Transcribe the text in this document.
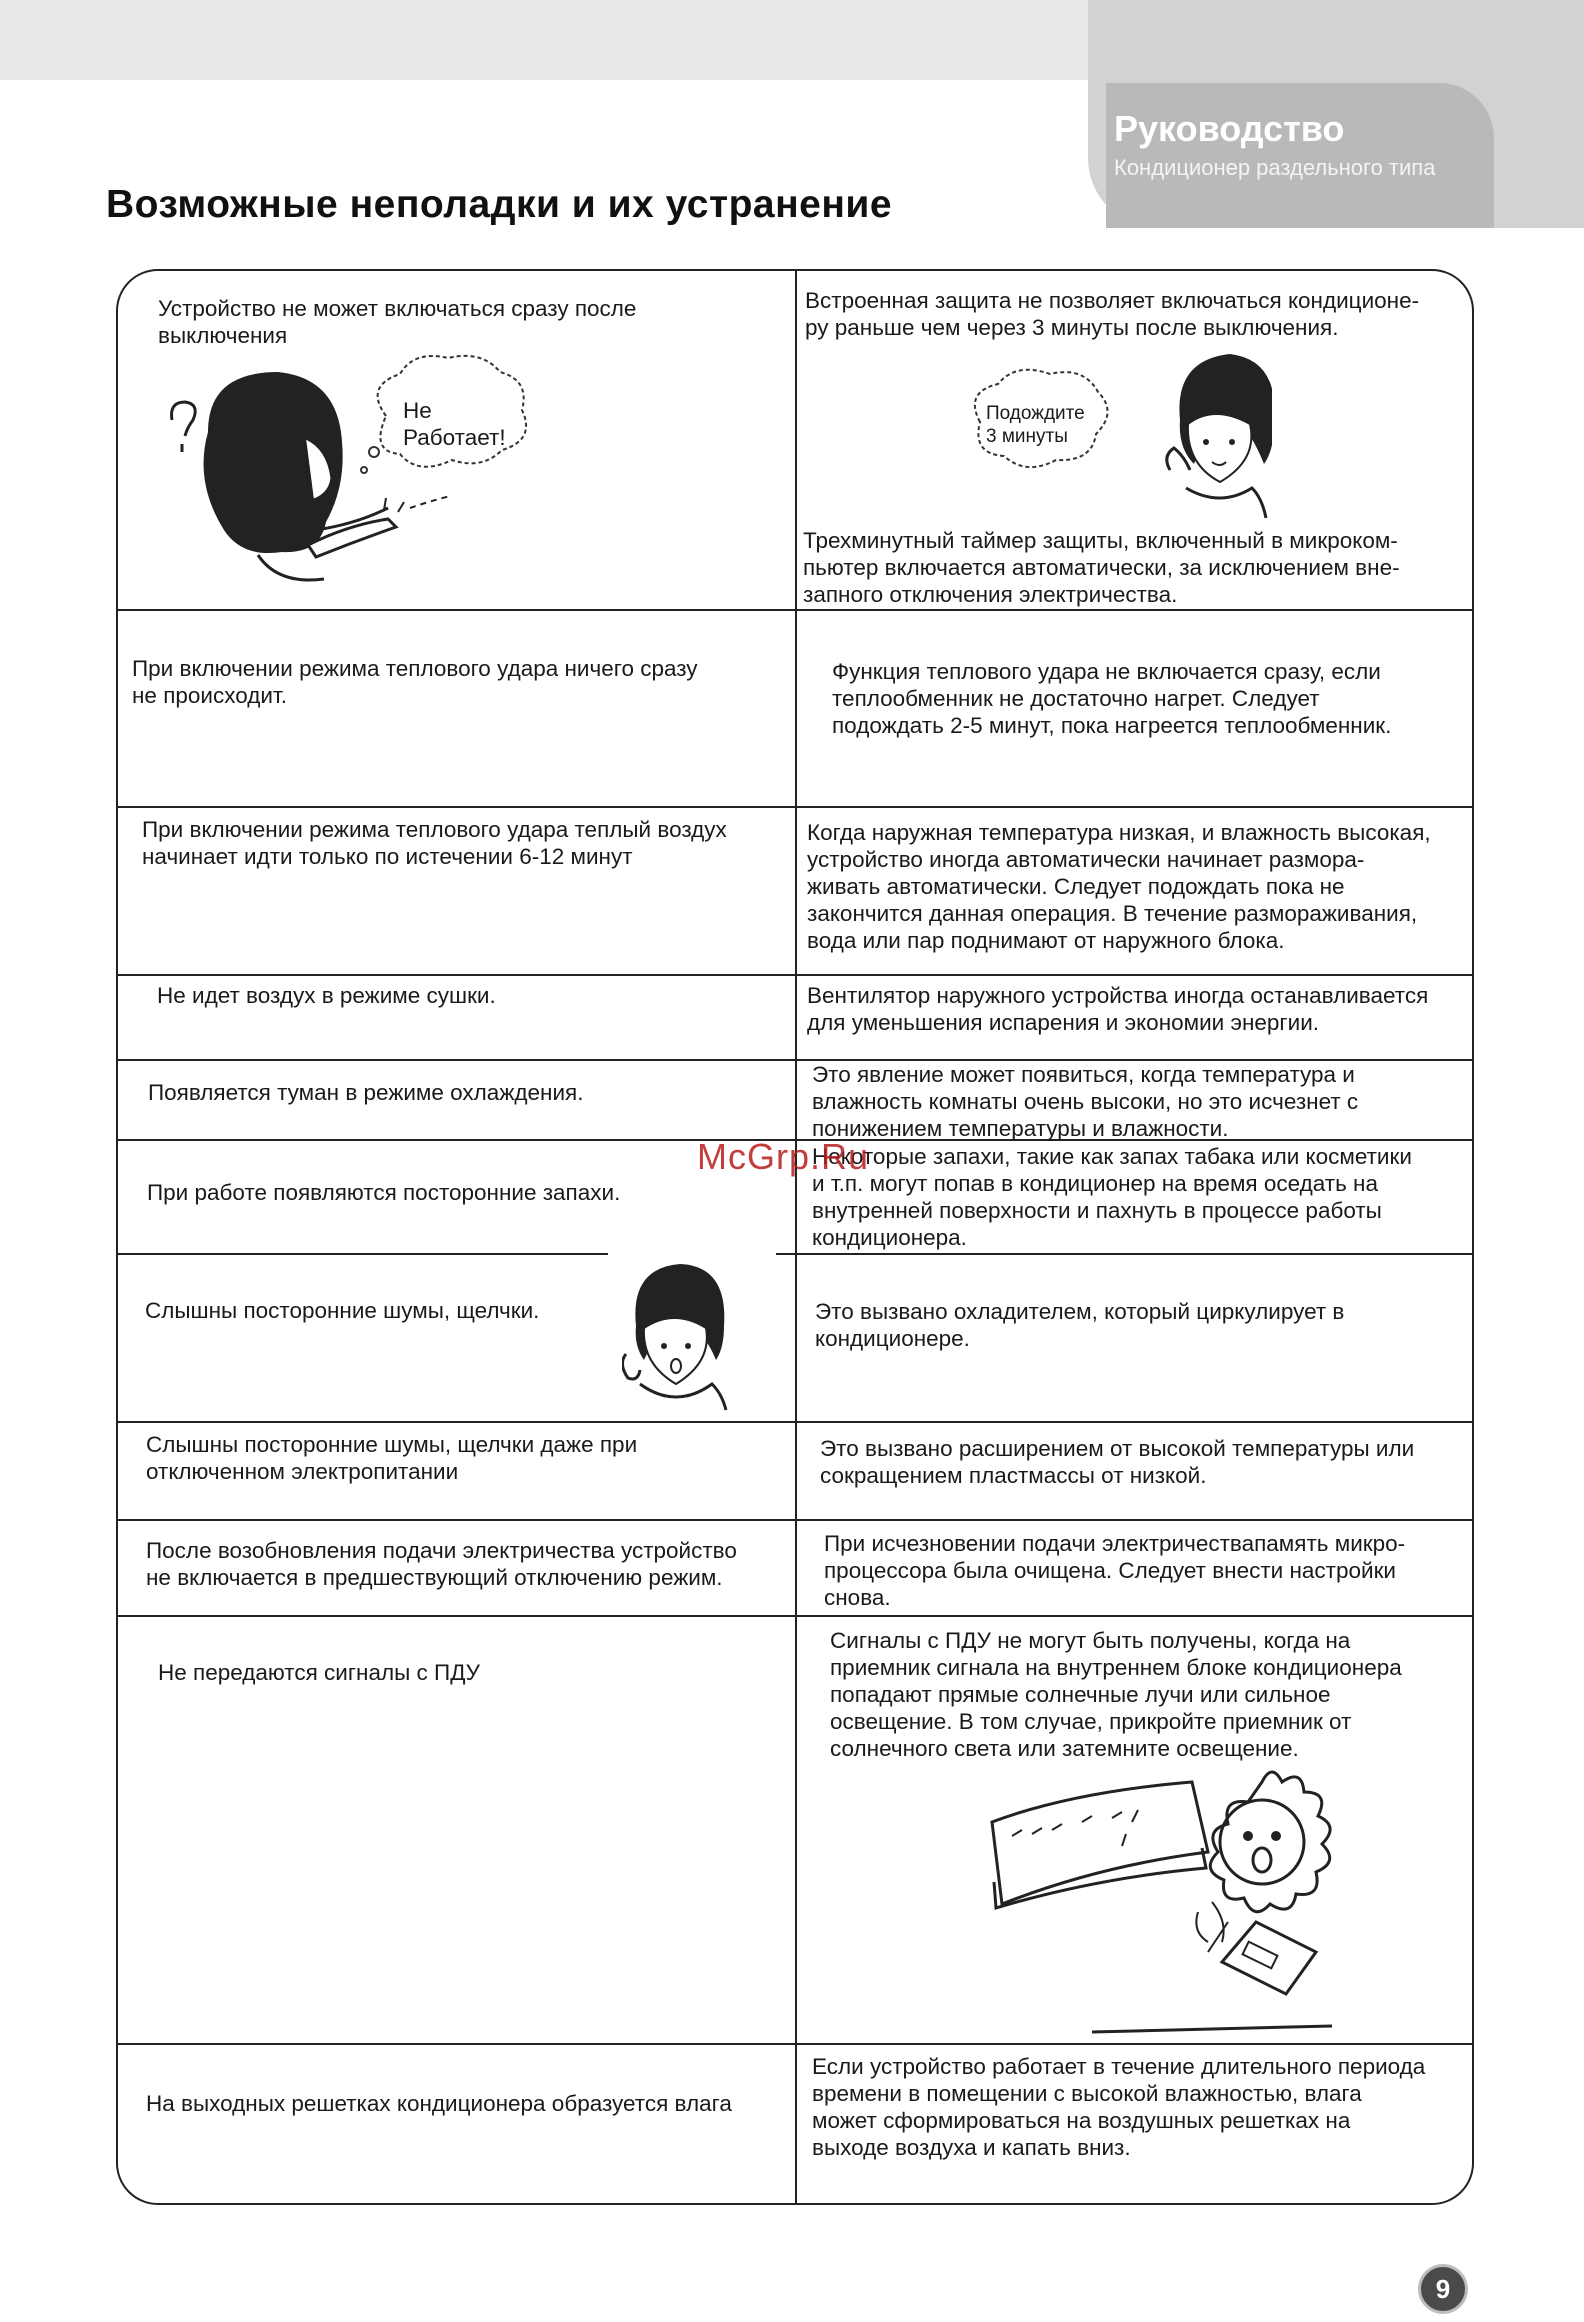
Руководство
Кондиционер раздельного типа
Возможные неполадки и их устранение
Устройство не может включаться сразу после
выключения
Встроенная защита не позволяет включаться кондиционе-
ру раньше чем через 3 минуты после выключения.
Трехминутный таймер защиты, включенный в микроком-
пьютер включается автоматически, за исключением вне-
запного отключения электричества.
Не
Работает!
Подождите
3 минуты
При включении режима теплового удара ничего сразу
не происходит.
Функция теплового удара не включается сразу, если
теплообменник не достаточно нагрет. Следует
подождать 2-5 минут, пока нагреется теплообменник.
При включении режима теплового удара теплый воздух
начинает идти только по истечении 6-12 минут
Когда наружная температура низкая, и влажность высокая,
устройство иногда автоматически начинает размора-
живать автоматически. Следует подождать пока не
закончится данная операция. В течение размораживания,
вода или пар поднимают от наружного блока.
Не идет воздух в режиме сушки.	Вентилятор наружного устройства иногда останавливается
для уменьшения испарения и экономии энергии.
Появляется туман в режиме охлаждения.
Это явление может появиться, когда температура и
влажность комнаты очень высоки, но это исчезнет с
понижением температуры и влажности.
При работе появляются посторонние запахи.
Некоторые запахи, такие как запах табака или косметики
и т.п. могут попав в кондиционер на время оседать на
внутренней поверхности и пахнуть в процессе работы
кондиционера.
McGrp.Ru
Слышны посторонние шумы, щелчки.	Это вызвано охладителем, который циркулирует в
кондиционере.
Слышны посторонние шумы, щелчки даже при
отключенном электропитании
Это вызвано расширением от высокой температуры или
сокращением пластмассы от низкой.
После возобновления подачи электричества устройство
не включается в предшествующий отключению режим.
При исчезновении подачи электричествапамять микро-
процессора была очищена. Следует внести настройки
снова.
Не передаются сигналы с ПДУ
Сигналы с ПДУ не могут быть получены, когда на
приемник сигнала на внутреннем блоке кондиционера
попадают прямые солнечные лучи или сильное
освещение. В том случае, прикройте приемник от
солнечного света или затемните освещение.
На выходных решетках кондиционера образуется влага
Если устройство работает в течение длительного периода
времени в помещении с высокой влажностью, влага
может сформироваться на воздушных решетках на
выходе воздуха и капать вниз.
9
